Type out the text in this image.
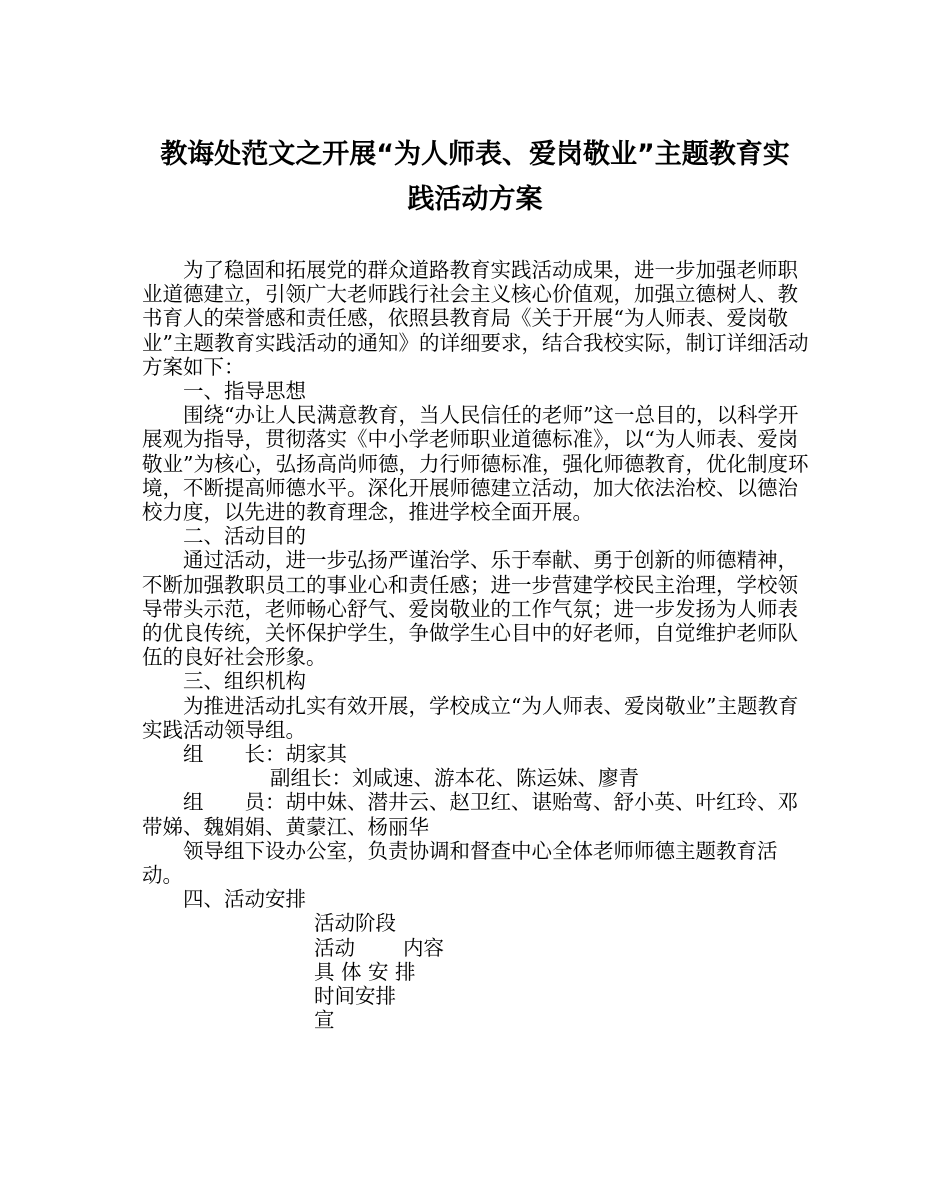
教诲处范文之开展“为人师表、爱岗敬业”主题教育实
践活动方案

为了稳固和拓展党的群众道路教育实践活动成果，进一步加强老师职业道德建立，引领广大老师践行社会主义核心价值观，加强立德树人、教书育人的荣誉感和责任感，依照县教育局《关于开展“为人师表、爱岗敬业”主题教育实践活动的通知》的详细要求，结合我校实际，制订详细活动方案如下：

一、指导思想

围绕“办让人民满意教育，当人民信任的老师”这一总目的，以科学开展观为指导，贯彻落实《中小学老师职业道德标准》，以“为人师表、爱岗敬业”为核心，弘扬高尚师德，力行师德标准，强化师德教育，优化制度环境，不断提高师德水平。深化开展师德建立活动，加大依法治校、以德治校力度，以先进的教育理念，推进学校全面开展。

二、活动目的

通过活动，进一步弘扬严谨治学、乐于奉献、勇于创新的师德精神，不断加强教职员工的事业心和责任感；进一步营建学校民主治理，学校领导带头示范，老师畅心舒气、爱岗敬业的工作气氛；进一步发扬为人师表的优良传统，关怀保护学生，争做学生心目中的好老师，自觉维护老师队伍的良好社会形象。

三、组织机构

为推进活动扎实有效开展，学校成立“为人师表、爱岗敬业”主题教育实践活动领导组。

组　　长：胡家其

副组长：刘咸速、游本花、陈运妹、廖青

组　　员：胡中妹、潜井云、赵卫红、谌贻莺、舒小英、叶红玲、邓带娣、魏娟娟、黄蒙江、杨丽华

领导组下设办公室，负责协调和督查中心全体老师师德主题教育活动。

四、活动安排

活动阶段

活动 内容

具 体 安 排

时间安排

宣
